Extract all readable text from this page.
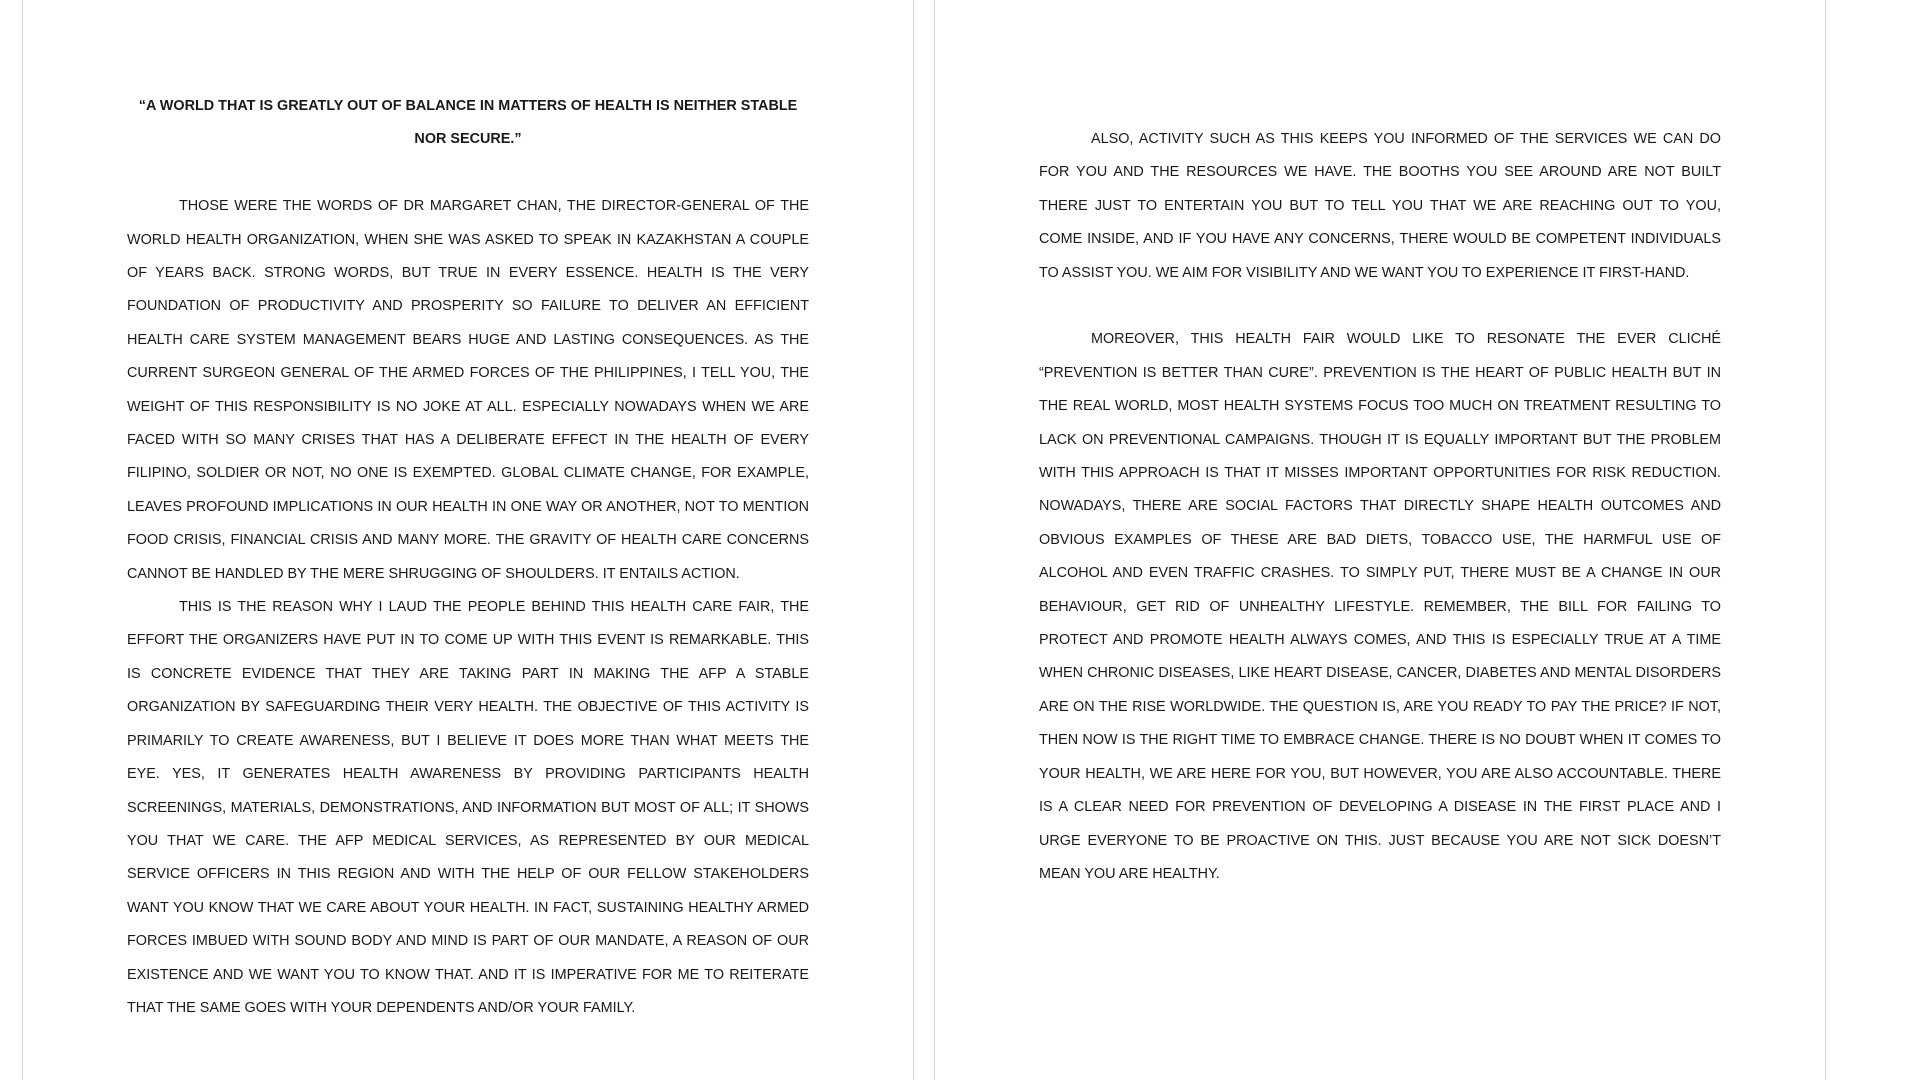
“A WORLD THAT IS GREATLY OUT OF BALANCE IN MATTERS OF HEALTH IS NEITHER STABLE NOR SECURE.”

THOSE WERE THE WORDS OF DR MARGARET CHAN, THE DIRECTOR-GENERAL OF THE WORLD HEALTH ORGANIZATION, WHEN SHE WAS ASKED TO SPEAK IN KAZAKHSTAN A COUPLE OF YEARS BACK. STRONG WORDS, BUT TRUE IN EVERY ESSENCE. HEALTH IS THE VERY FOUNDATION OF PRODUCTIVITY AND PROSPERITY SO FAILURE TO DELIVER AN EFFICIENT HEALTH CARE SYSTEM MANAGEMENT BEARS HUGE AND LASTING CONSEQUENCES. AS THE CURRENT SURGEON GENERAL OF THE ARMED FORCES OF THE PHILIPPINES, I TELL YOU, THE WEIGHT OF THIS RESPONSIBILITY IS NO JOKE AT ALL. ESPECIALLY NOWADAYS WHEN WE ARE FACED WITH SO MANY CRISES THAT HAS A DELIBERATE EFFECT IN THE HEALTH OF EVERY FILIPINO, SOLDIER OR NOT, NO ONE IS EXEMPTED. GLOBAL CLIMATE CHANGE, FOR EXAMPLE, LEAVES PROFOUND IMPLICATIONS IN OUR HEALTH IN ONE WAY OR ANOTHER, NOT TO MENTION FOOD CRISIS, FINANCIAL CRISIS AND MANY MORE. THE GRAVITY OF HEALTH CARE CONCERNS CANNOT BE HANDLED BY THE MERE SHRUGGING OF SHOULDERS. IT ENTAILS ACTION.

THIS IS THE REASON WHY I LAUD THE PEOPLE BEHIND THIS HEALTH CARE FAIR, THE EFFORT THE ORGANIZERS HAVE PUT IN TO COME UP WITH THIS EVENT IS REMARKABLE. THIS IS CONCRETE EVIDENCE THAT THEY ARE TAKING PART IN MAKING THE AFP A STABLE ORGANIZATION BY SAFEGUARDING THEIR VERY HEALTH. THE OBJECTIVE OF THIS ACTIVITY IS PRIMARILY TO CREATE AWARENESS, BUT I BELIEVE IT DOES MORE THAN WHAT MEETS THE EYE. YES, IT GENERATES HEALTH AWARENESS BY PROVIDING PARTICIPANTS HEALTH SCREENINGS, MATERIALS, DEMONSTRATIONS, AND INFORMATION BUT MOST OF ALL; IT SHOWS YOU THAT WE CARE. THE AFP MEDICAL SERVICES, AS REPRESENTED BY OUR MEDICAL SERVICE OFFICERS IN THIS REGION AND WITH THE HELP OF OUR FELLOW STAKEHOLDERS WANT YOU KNOW THAT WE CARE ABOUT YOUR HEALTH. IN FACT, SUSTAINING HEALTHY ARMED FORCES IMBUED WITH SOUND BODY AND MIND IS PART OF OUR MANDATE, A REASON OF OUR EXISTENCE AND WE WANT YOU TO KNOW THAT. AND IT IS IMPERATIVE FOR ME TO REITERATE THAT THE SAME GOES WITH YOUR DEPENDENTS AND/OR YOUR FAMILY.

ALSO, ACTIVITY SUCH AS THIS KEEPS YOU INFORMED OF THE SERVICES WE CAN DO FOR YOU AND THE RESOURCES WE HAVE. THE BOOTHS YOU SEE AROUND ARE NOT BUILT THERE JUST TO ENTERTAIN YOU BUT TO TELL YOU THAT WE ARE REACHING OUT TO YOU, COME INSIDE, AND IF YOU HAVE ANY CONCERNS, THERE WOULD BE COMPETENT INDIVIDUALS TO ASSIST YOU. WE AIM FOR VISIBILITY AND WE WANT YOU TO EXPERIENCE IT FIRST-HAND.

MOREOVER, THIS HEALTH FAIR WOULD LIKE TO RESONATE THE EVER CLICHÉ “PREVENTION IS BETTER THAN CURE”. PREVENTION IS THE HEART OF PUBLIC HEALTH BUT IN THE REAL WORLD, MOST HEALTH SYSTEMS FOCUS TOO MUCH ON TREATMENT RESULTING TO LACK ON PREVENTIONAL CAMPAIGNS. THOUGH IT IS EQUALLY IMPORTANT BUT THE PROBLEM WITH THIS APPROACH IS THAT IT MISSES IMPORTANT OPPORTUNITIES FOR RISK REDUCTION. NOWADAYS, THERE ARE SOCIAL FACTORS THAT DIRECTLY SHAPE HEALTH OUTCOMES AND OBVIOUS EXAMPLES OF THESE ARE BAD DIETS, TOBACCO USE, THE HARMFUL USE OF ALCOHOL AND EVEN TRAFFIC CRASHES. TO SIMPLY PUT, THERE MUST BE A CHANGE IN OUR BEHAVIOUR, GET RID OF UNHEALTHY LIFESTYLE. REMEMBER, THE BILL FOR FAILING TO PROTECT AND PROMOTE HEALTH ALWAYS COMES, AND THIS IS ESPECIALLY TRUE AT A TIME WHEN CHRONIC DISEASES, LIKE HEART DISEASE, CANCER, DIABETES AND MENTAL DISORDERS ARE ON THE RISE WORLDWIDE. THE QUESTION IS, ARE YOU READY TO PAY THE PRICE? IF NOT, THEN NOW IS THE RIGHT TIME TO EMBRACE CHANGE. THERE IS NO DOUBT WHEN IT COMES TO YOUR HEALTH, WE ARE HERE FOR YOU, BUT HOWEVER, YOU ARE ALSO ACCOUNTABLE. THERE IS A CLEAR NEED FOR PREVENTION OF DEVELOPING A DISEASE IN THE FIRST PLACE AND I URGE EVERYONE TO BE PROACTIVE ON THIS. JUST BECAUSE YOU ARE NOT SICK DOESN’T MEAN YOU ARE HEALTHY.
